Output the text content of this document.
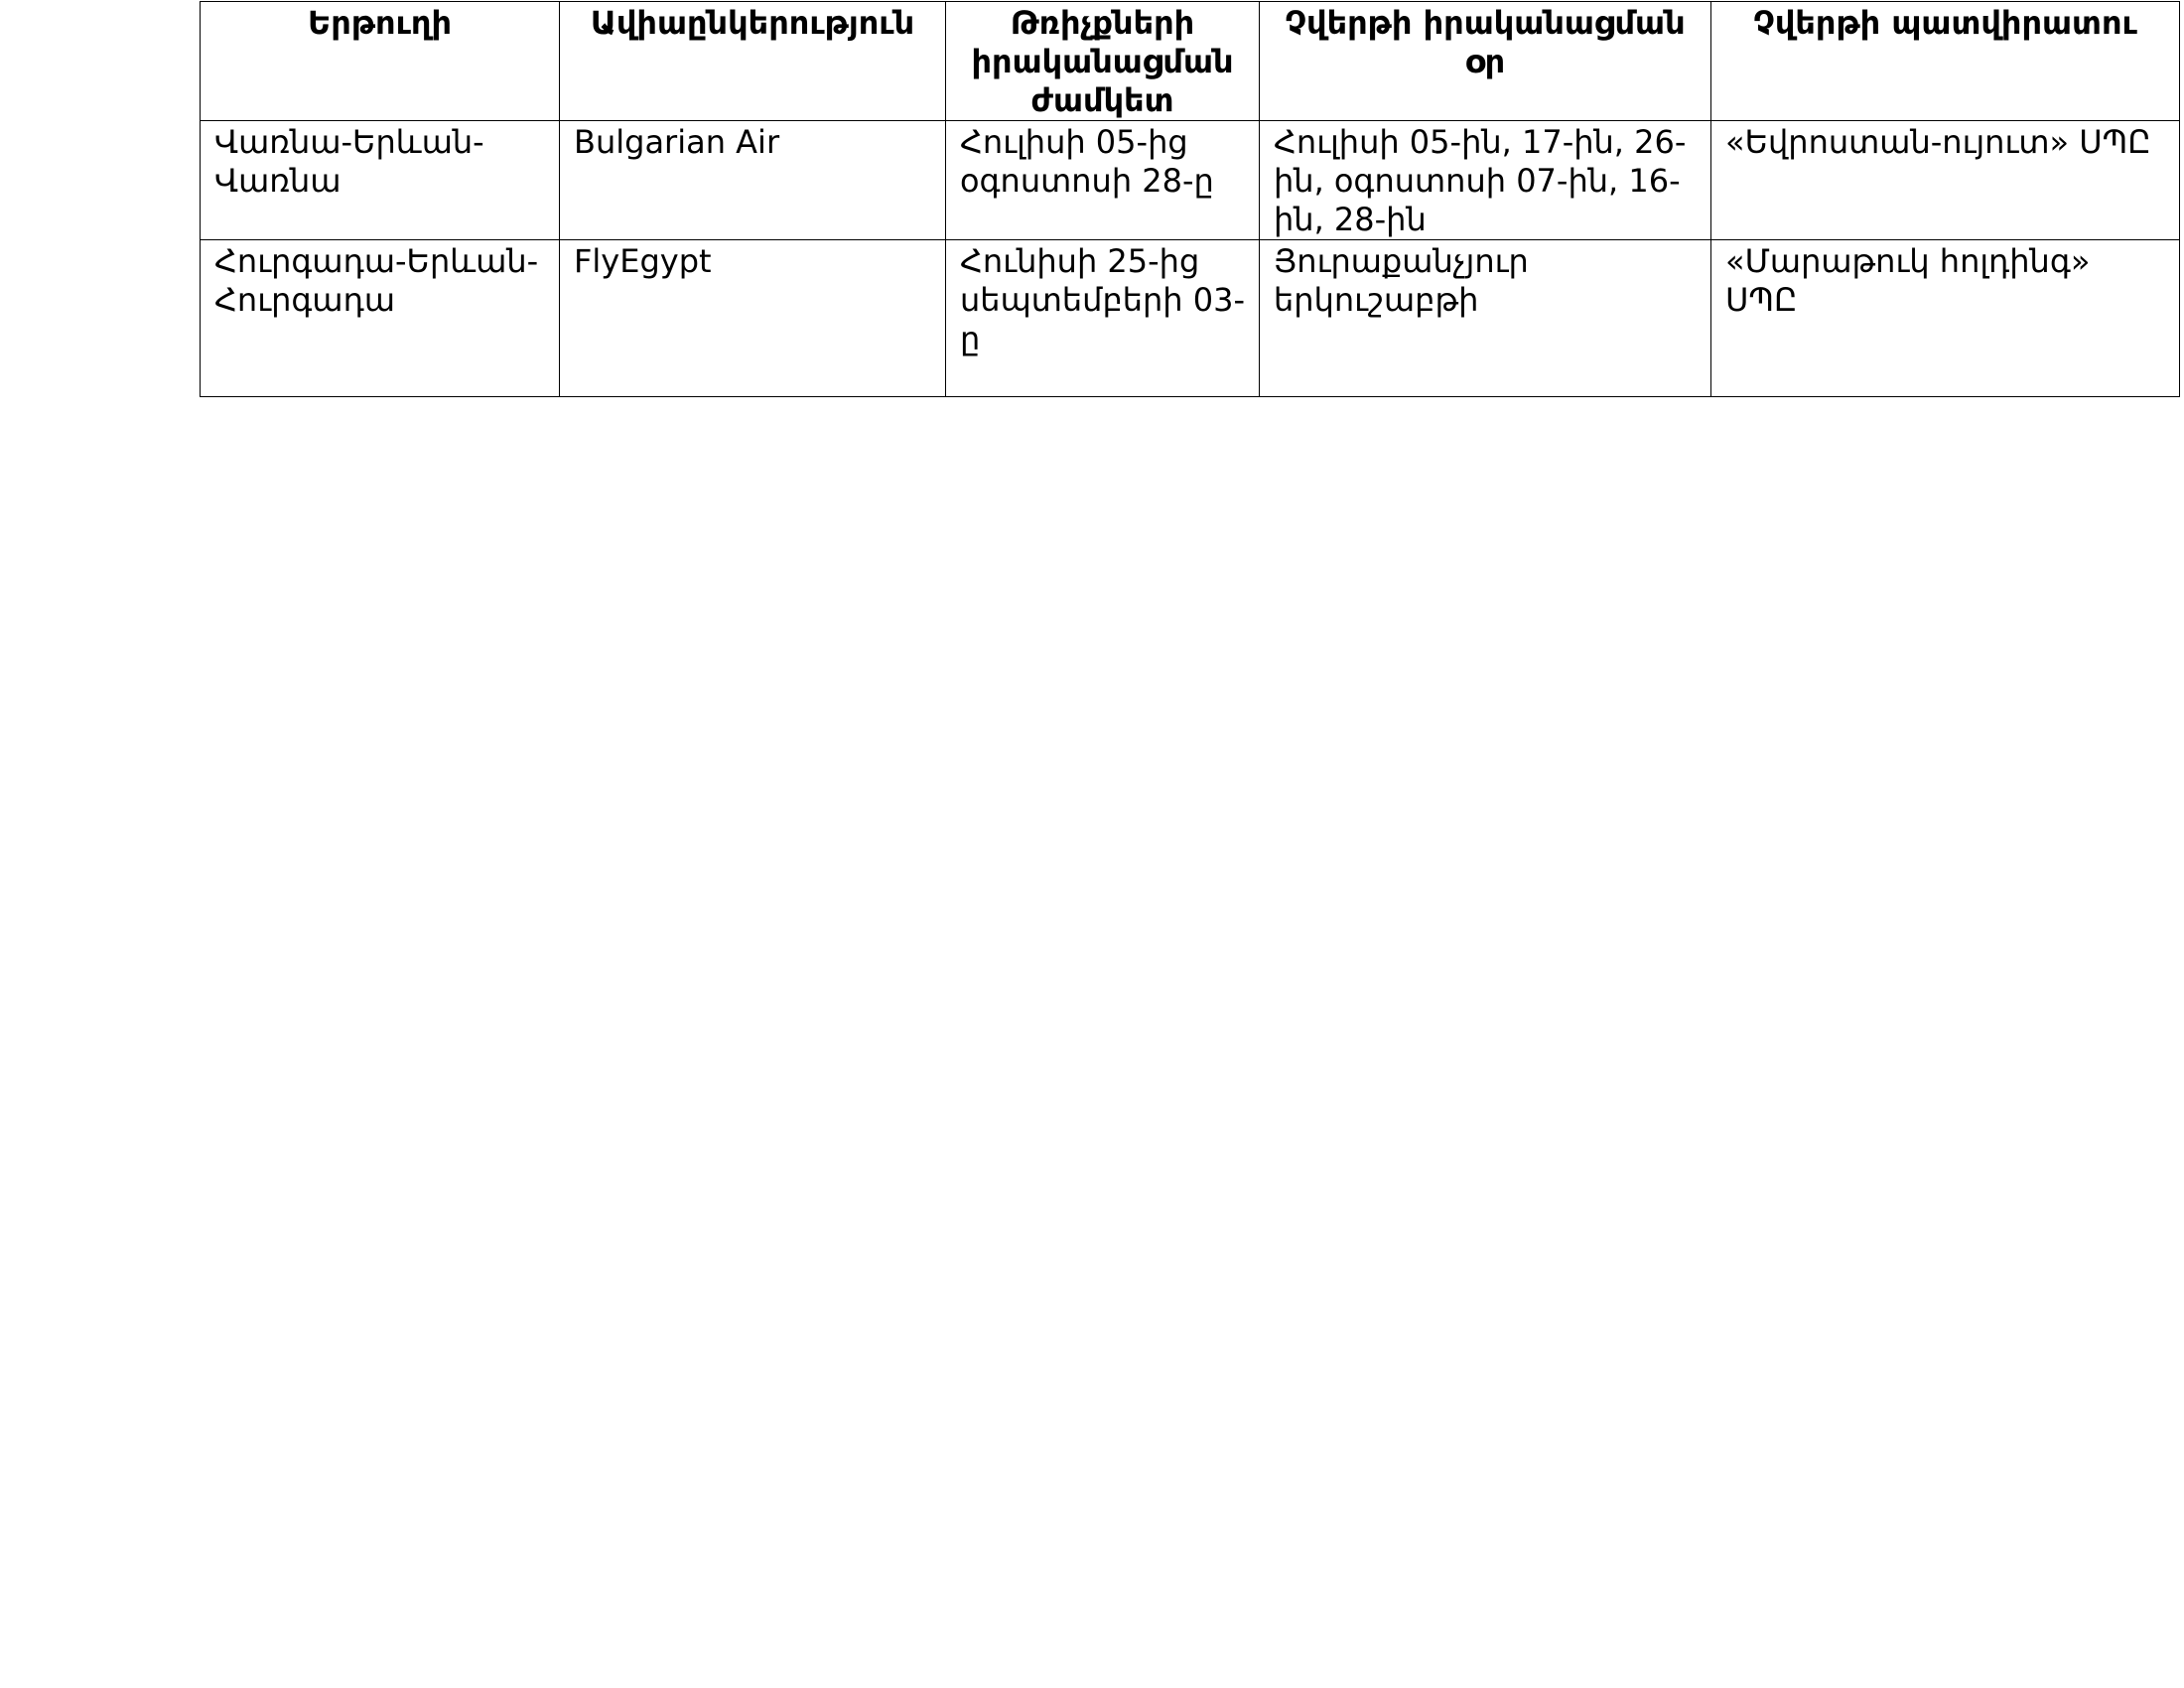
Երթուղի	Ավիաընկերություն	Թռիչքների իրականացման ժամկետ	Չվերթի իրականացման օր	Չվերթի պատվիրատու
Վառնա-Երևան-Վառնա	Bulgarian Air	Հուլիսի 05-ից օգոստոսի 28-ը	Հուլիսի 05-ին, 17-ին, 26-ին, օգոստոսի 07-ին, 16-ին, 28-ին	«Եվրոստան-ույուտ» ՍՊԸ
Հուրգադա-Երևան-Հուրգադա	FlyEgypt	Հունիսի 25-ից սեպտեմբերի 03-ը	Յուրաքանչյուր երկուշաբթի	«Մարաթուկ հոլդինգ» ՍՊԸ
